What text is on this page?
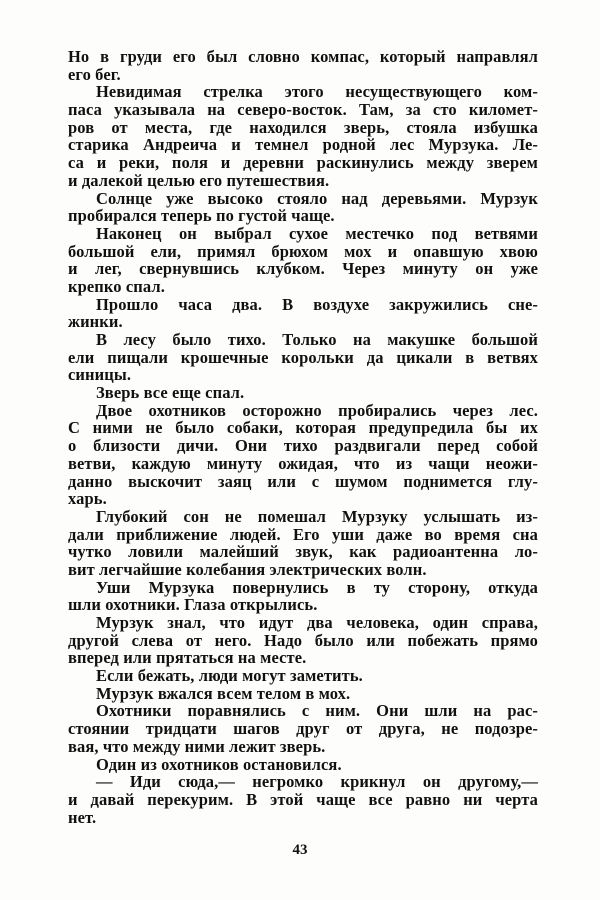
Но в груди его был словно компас, который направлял
его бег.
Невидимая стрелка этого несуществующего ком-
паса указывала на северо-восток. Там, за сто километ-
ров от места, где находился зверь, стояла избушка
старика Андреича и темнел родной лес Мурзука. Ле-
са и реки, поля и деревни раскинулись между зверем
и далекой целью его путешествия.
Солнце уже высоко стояло над деревьями. Мурзук
пробирался теперь по густой чаще.
Наконец он выбрал сухое местечко под ветвями
большой ели, примял брюхом мох и опавшую хвою
и лег, свернувшись клубком. Через минуту он уже
крепко спал.
Прошло часа два. В воздухе закружились сне-
жинки.
В лесу было тихо. Только на макушке большой
ели пищали крошечные корольки да цикали в ветвях
синицы.
Зверь все еще спал.
Двое охотников осторожно пробирались через лес.
С ними не было собаки, которая предупредила бы их
о близости дичи. Они тихо раздвигали перед собой
ветви, каждую минуту ожидая, что из чащи неожи-
данно выскочит заяц или с шумом поднимется глу-
харь.
Глубокий сон не помешал Мурзуку услышать из-
дали приближение людей. Его уши даже во время сна
чутко ловили малейший звук, как радиоантенна ло-
вит легчайшие колебания электрических волн.
Уши Мурзука повернулись в ту сторону, откуда
шли охотники. Глаза открылись.
Мурзук знал, что идут два человека, один справа,
другой слева от него. Надо было или побежать прямо
вперед или прятаться на месте.
Если бежать, люди могут заметить.
Мурзук вжался всем телом в мох.
Охотники поравнялись с ним. Они шли на рас-
стоянии тридцати шагов друг от друга, не подозре-
вая, что между ними лежит зверь.
Один из охотников остановился.
— Иди сюда,— негромко крикнул он другому,—
и давай перекурим. В этой чаще все равно ни черта
нет.
43
